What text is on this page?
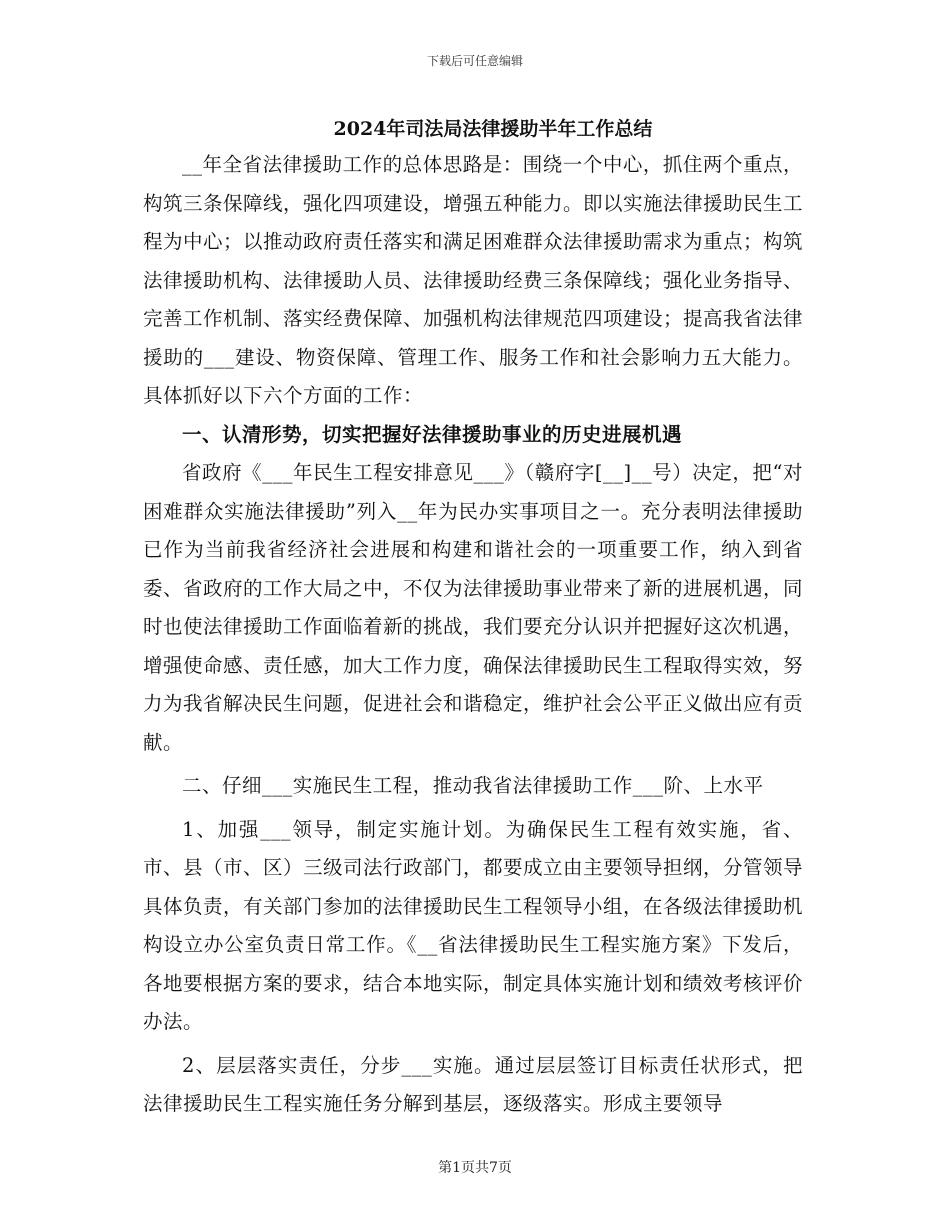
下载后可任意编辑
2024年司法局法律援助半年工作总结

__年全省法律援助工作的总体思路是：围绕一个中心，抓住两个重点，构筑三条保障线，强化四项建设，增强五种能力。即以实施法律援助民生工程为中心；以推动政府责任落实和满足困难群众法律援助需求为重点；构筑法律援助机构、法律援助人员、法律援助经费三条保障线；强化业务指导、完善工作机制、落实经费保障、加强机构法律规范四项建设；提高我省法律援助的___建设、物资保障、管理工作、服务工作和社会影响力五大能力。具体抓好以下六个方面的工作：

一、认清形势，切实把握好法律援助事业的历史进展机遇

省政府《___年民生工程安排意见___》（赣府字[__]__号）决定，把“对困难群众实施法律援助”列入__年为民办实事项目之一。充分表明法律援助已作为当前我省经济社会进展和构建和谐社会的一项重要工作，纳入到省委、省政府的工作大局之中，不仅为法律援助事业带来了新的进展机遇，同时也使法律援助工作面临着新的挑战，我们要充分认识并把握好这次机遇，增强使命感、责任感，加大工作力度，确保法律援助民生工程取得实效，努力为我省解决民生问题，促进社会和谐稳定，维护社会公平正义做出应有贡献。

二、仔细___实施民生工程，推动我省法律援助工作___阶、上水平

1、加强___领导，制定实施计划。为确保民生工程有效实施，省、市、县（市、区）三级司法行政部门，都要成立由主要领导担纲，分管领导具体负责，有关部门参加的法律援助民生工程领导小组，在各级法律援助机构设立办公室负责日常工作。《__省法律援助民生工程实施方案》下发后，各地要根据方案的要求，结合本地实际，制定具体实施计划和绩效考核评价办法。

2、层层落实责任，分步___实施。通过层层签订目标责任状形式，把法律援助民生工程实施任务分解到基层，逐级落实。形成主要领导

第1页共7页
